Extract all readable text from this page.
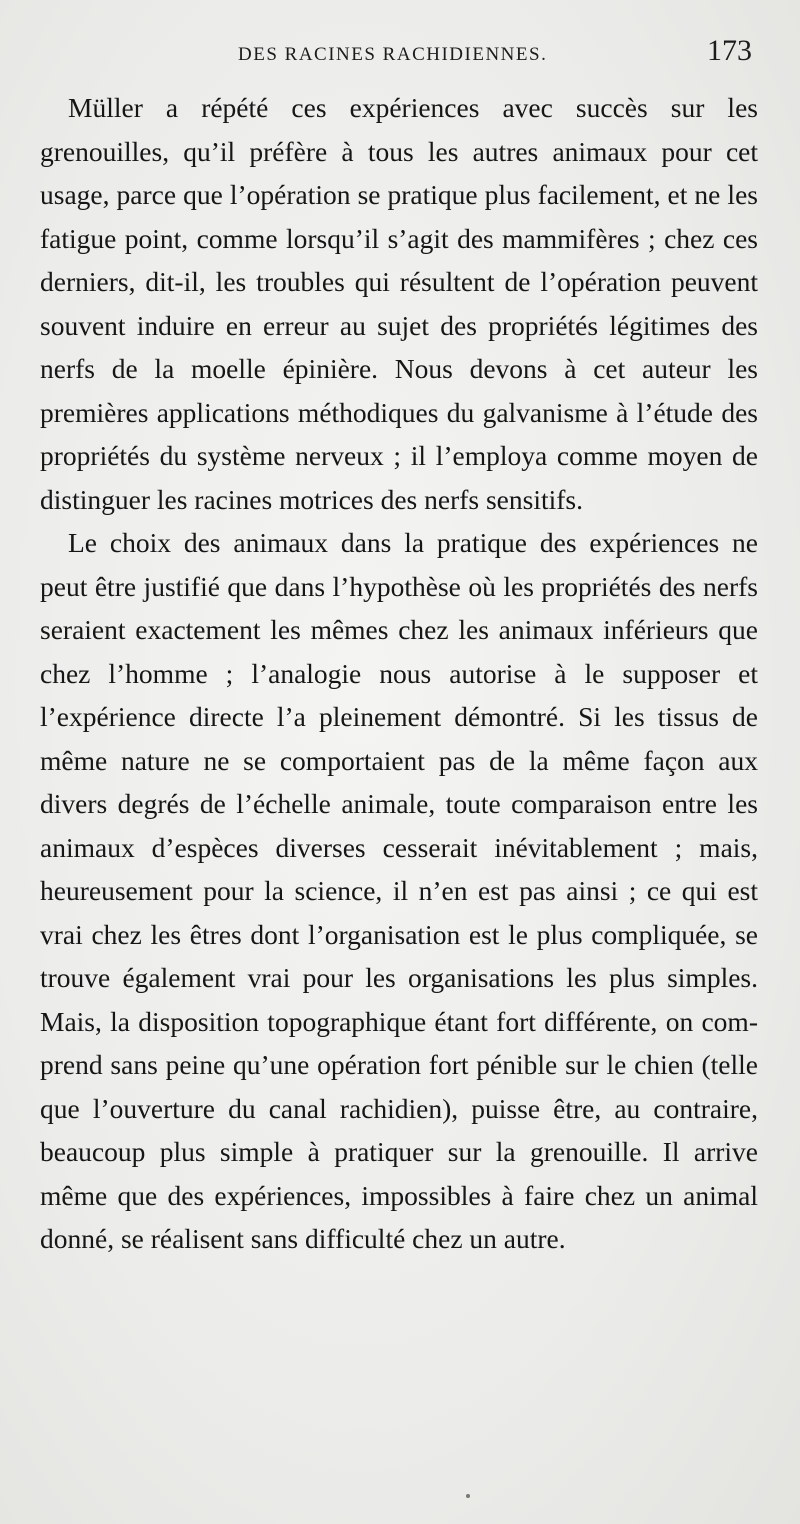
DES RACINES RACHIDIENNES.	173

Müller a répété ces expériences avec succès sur les grenouilles, qu’il préfère à tous les autres animaux pour cet usage, parce que l’opération se pratique plus facilement, et ne les fatigue point, comme lorsqu’il s’agit des mammifères ; chez ces derniers, dit-il, les troubles qui résultent de l’opération peuvent souvent induire en erreur au sujet des propriétés légitimes des nerfs de la moelle épinière. Nous devons à cet auteur les premières applications méthodiques du galvanisme à l’étude des propriétés du système nerveux ; il l’employa comme moyen de distinguer les racines motrices des nerfs sensitifs.

Le choix des animaux dans la pratique des expériences ne peut être justifié que dans l’hypothèse où les propriétés des nerfs seraient exactement les mêmes chez les animaux inférieurs que chez l’homme ; l’analogie nous autorise à le supposer et l’expérience directe l’a pleinement démontré. Si les tissus de même nature ne se comportaient pas de la même façon aux divers degrés de l’échelle animale, toute comparaison entre les animaux d’espèces diverses cesserait inévitablement ; mais, heureusement pour la science, il n’en est pas ainsi ; ce qui est vrai chez les êtres dont l’organisation est le plus compliquée, se trouve également vrai pour les organisations les plus simples. Mais, la disposition topographique étant fort différente, on comprend sans peine qu’une opération fort pénible sur le chien (telle que l’ouverture du canal rachidien), puisse être, au contraire, beaucoup plus simple à pratiquer sur la grenouille. Il arrive même que des expériences, impossibles à faire chez un animal donné, se réalisent sans difficulté chez un autre.
